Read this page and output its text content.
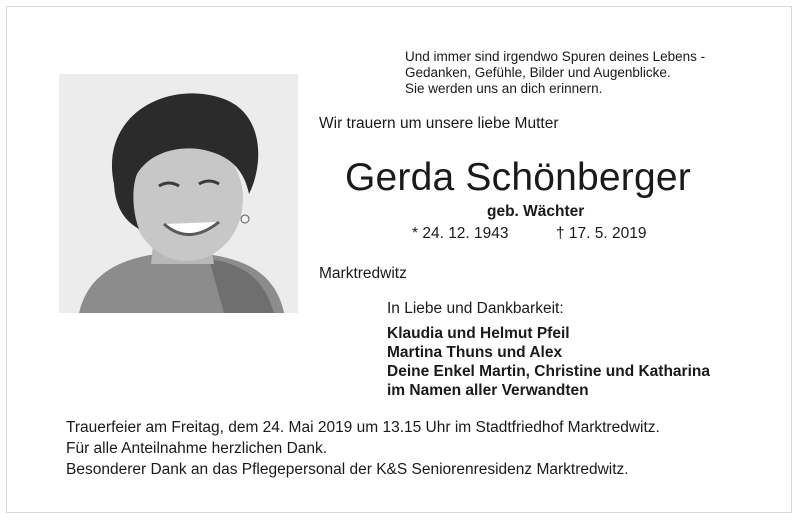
Und immer sind irgendwo Spuren deines Lebens -
Gedanken, Gefühle, Bilder und Augenblicke.
Sie werden uns an dich erinnern.
Wir trauern um unsere liebe Mutter
Gerda Schönberger
geb. Wächter
* 24. 12. 1943	† 17. 5. 2019
Marktredwitz
In Liebe und Dankbarkeit:
Klaudia und Helmut Pfeil
Martina Thuns und Alex
Deine Enkel Martin, Christine und Katharina
im Namen aller Verwandten
Trauerfeier am Freitag, dem 24. Mai 2019 um 13.15 Uhr im Stadtfriedhof Marktredwitz.
Für alle Anteilnahme herzlichen Dank.
Besonderer Dank an das Pflegepersonal der K&S Seniorenresidenz Marktredwitz.
